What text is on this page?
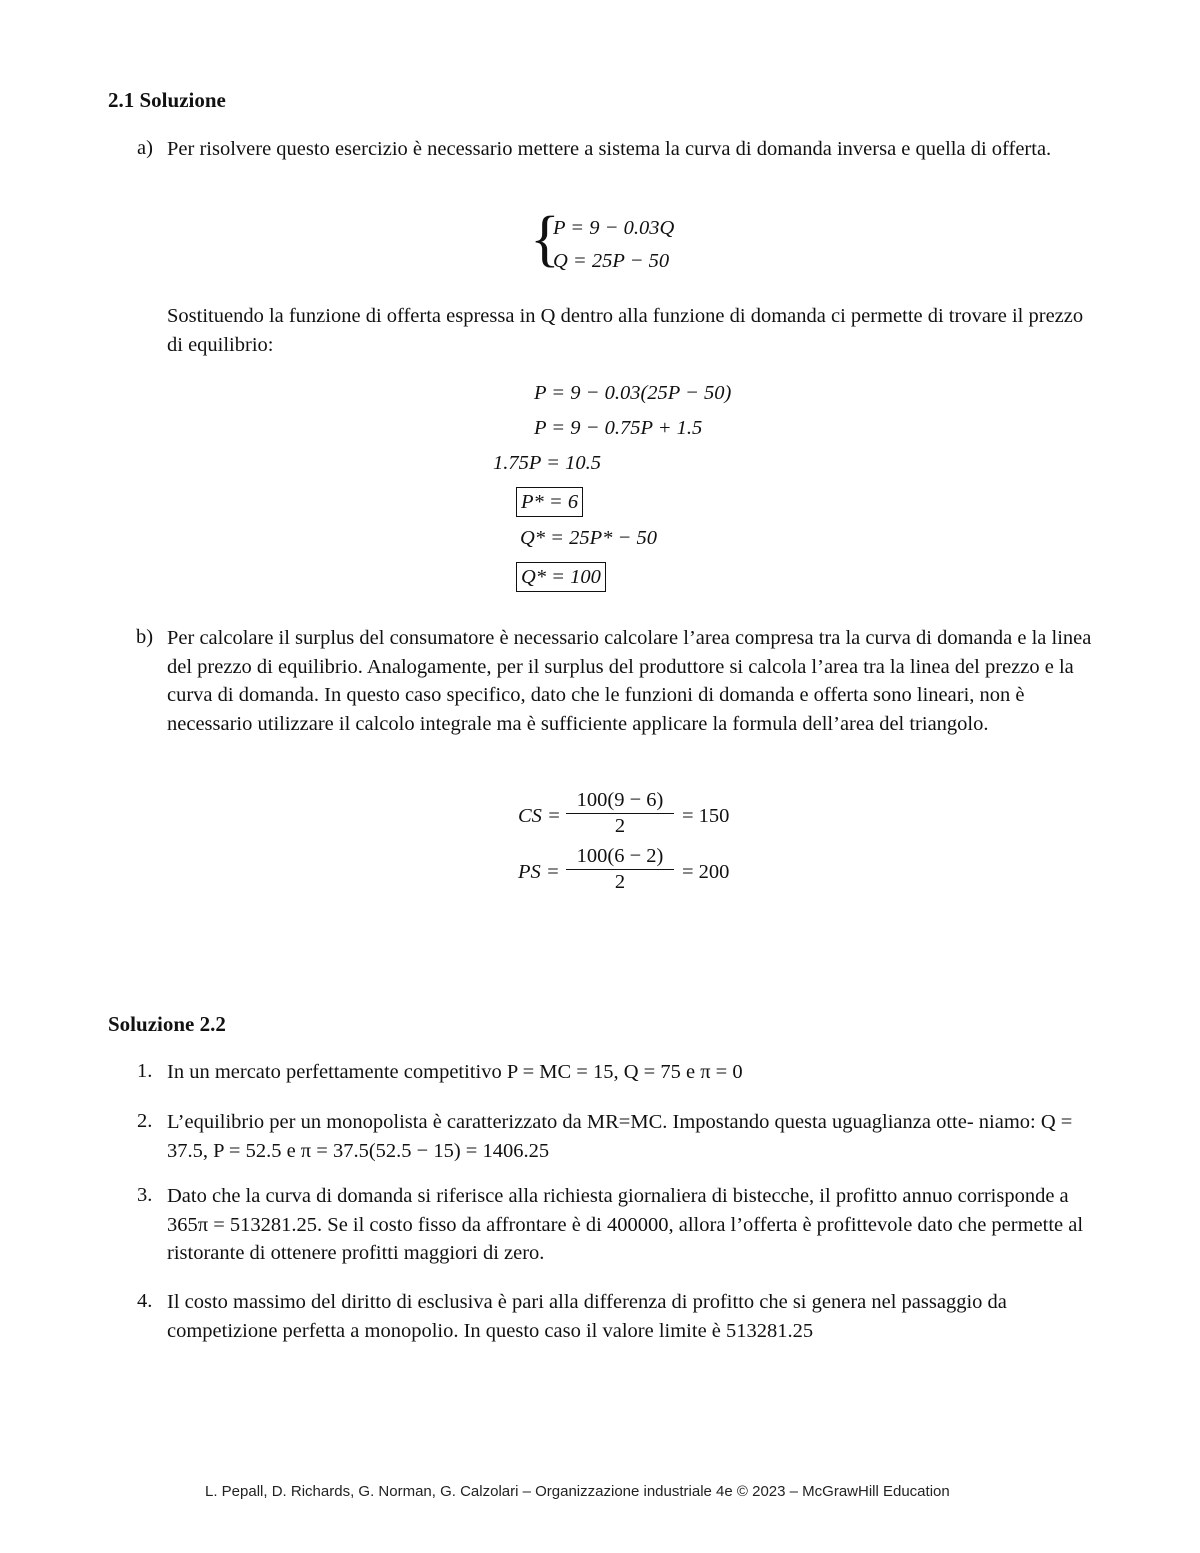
2.1 Soluzione
a) Per risolvere questo esercizio è necessario mettere a sistema la curva di domanda inversa e quella di offerta.
{
P = 9 − 0.03Q
Q = 25P − 50
Sostituendo la funzione di offerta espressa in Q dentro alla funzione di domanda ci permette di trovare il prezzo di equilibrio:
P = 9 − 0.03(25P − 50)
P = 9 − 0.75P + 1.5
1.75P = 10.5
P* = 6
Q* = 25P* − 50
Q* = 100
b) Per calcolare il surplus del consumatore è necessario calcolare l’area compresa tra la curva di domanda e la linea del prezzo di equilibrio. Analogamente, per il surplus del produttore si calcola l’area tra la linea del prezzo e la curva di domanda. In questo caso specifico, dato che le funzioni di domanda e offerta sono lineari, non è necessario utilizzare il calcolo integrale ma è sufficiente applicare la formula dell’area del triangolo.
CS = $\frac{100(9 - 6)}{2} = 150$
PS = $\frac{100(6 - 2)}{2} = 200$
Soluzione 2.2
1. In un mercato perfettamente competitivo P = MC = 15, Q = 75 e π = 0
2. L’equilibrio per un monopolista è caratterizzato da MR=MC. Impostando questa uguaglianza otte- niamo: Q = 37.5, P = 52.5 e π = 37.5(52.5 − 15) = 1406.25
3. Dato che la curva di domanda si riferisce alla richiesta giornaliera di bistecche, il profitto annuo corrisponde a 365π = 513281.25. Se il costo fisso da affrontare è di 400000, allora l’offerta è profittevole dato che permette al ristorante di ottenere profitti maggiori di zero.
4. Il costo massimo del diritto di esclusiva è pari alla differenza di profitto che si genera nel passaggio da competizione perfetta a monopolio. In questo caso il valore limite è 513281.25
L. Pepall, D. Richards, G. Norman, G. Calzolari – Organizzazione industriale 4e © 2023 – McGrawHill Education
